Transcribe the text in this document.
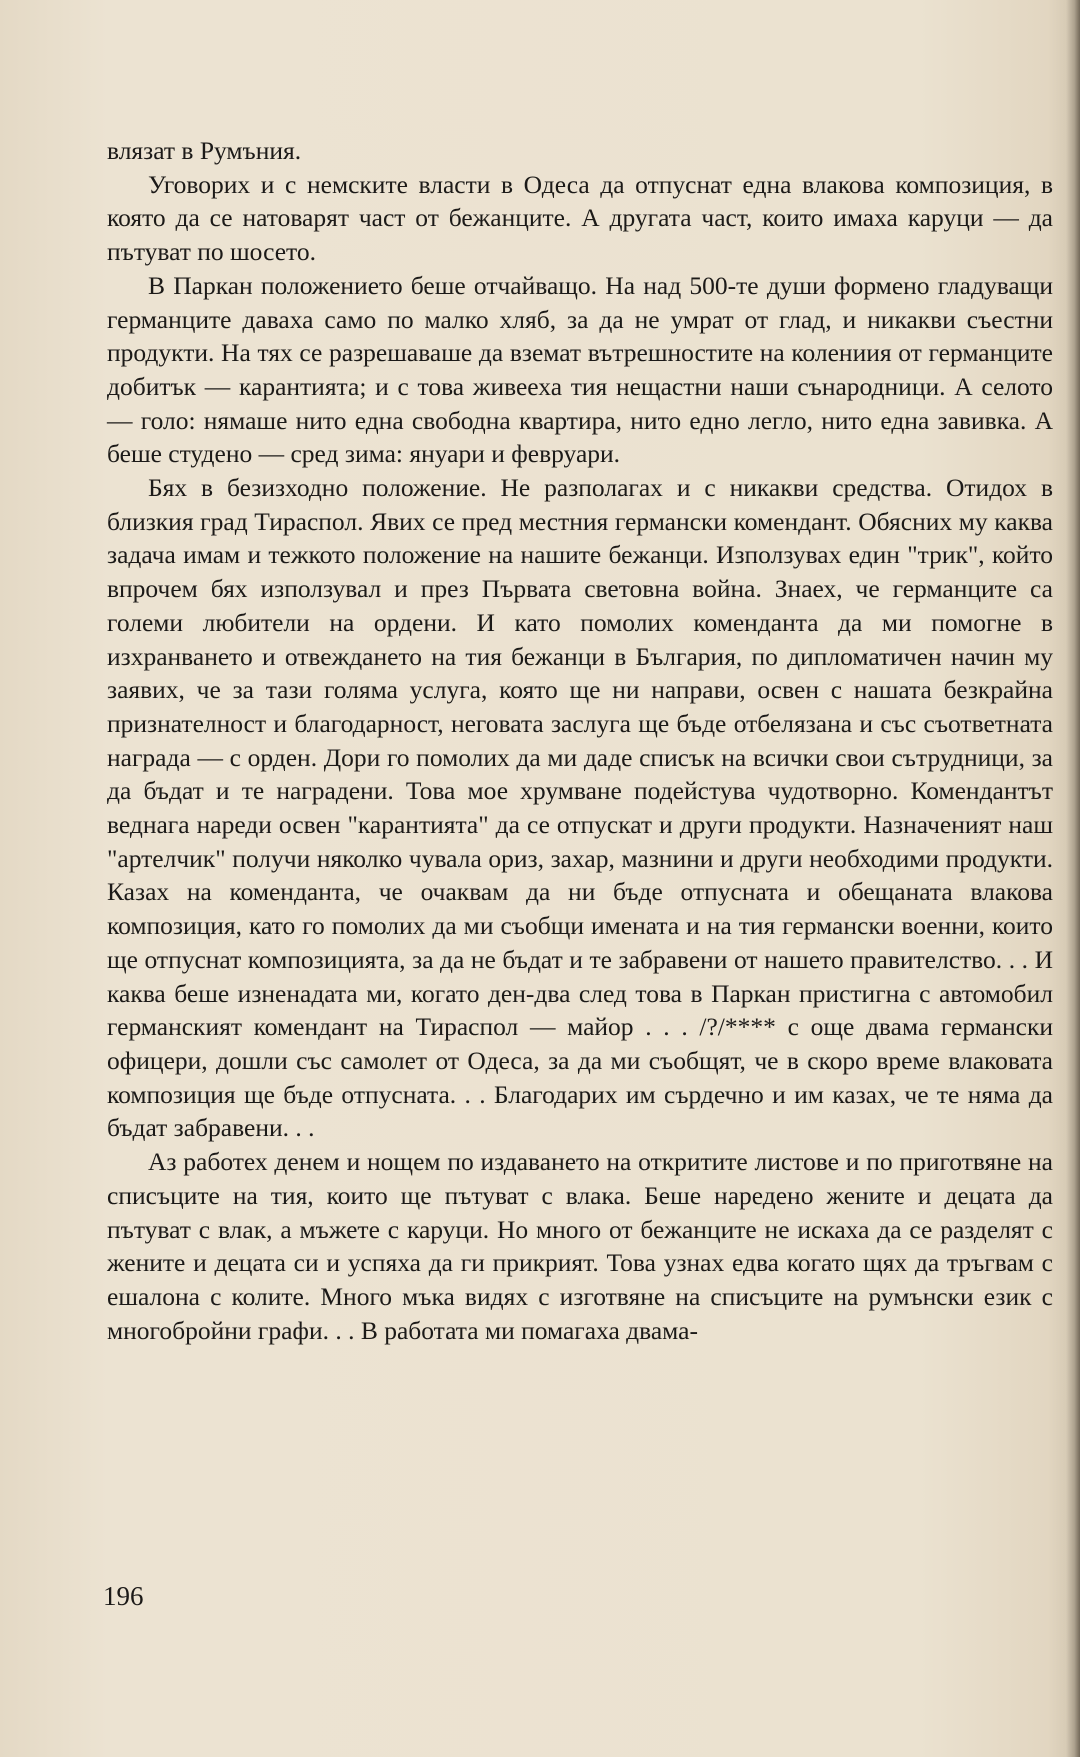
влязат в Румъния.

Уговорих и с немските власти в Одеса да отпуснат една влакова композиция, в която да се натоварят част от бежанците. А другата част, които имаха каруци — да пътуват по шосето.

В Паркан положението беше отчайващо. На над 500-те души формено гладуващи германците даваха само по малко хляб, за да не умрат от глад, и никакви съестни продукти. На тях се разрешаваше да вземат вътрешностите на колениия от германците добитък — карантията; и с това живееха тия нещастни наши сънародници. А селото — голо: нямаше нито една свободна квартира, нито едно легло, нито една завивка. А беше студено — сред зима: януари и февруари.

Бях в безизходно положение. Не разполагах и с никакви средства. Отидох в близкия град Тираспол. Явих се пред местния германски комендант. Обясних му каква задача имам и тежкото положение на нашите бежанци. Използувах един "трик", който впрочем бях използувал и през Първата световна война. Знаех, че германците са големи любители на ордени. И като помолих коменданта да ми помогне в изхранването и отвеждането на тия бежанци в България, по дипломатичен начин му заявих, че за тази голяма услуга, която ще ни направи, освен с нашата безкрайна признателност и благодарност, неговата заслуга ще бъде отбелязана и със съответната награда — с орден. Дори го помолих да ми даде списък на всички свои сътрудници, за да бъдат и те наградени. Това мое хрумване подейстува чудотворно. Комендантът веднага нареди освен "карантията" да се отпускат и други продукти. Назначеният наш "артелчик" получи няколко чувала ориз, захар, мазнини и други необходими продукти. Казах на коменданта, че очаквам да ни бъде отпусната и обещаната влакова композиция, като го помолих да ми съобщи имената и на тия германски военни, които ще отпуснат композицията, за да не бъдат и те забравени от нашето правителство. . . И каква беше изненадата ми, когато ден-два след това в Паркан пристигна с автомобил германският комендант на Тираспол — майор . . . /?/**** с още двама германски офицери, дошли със самолет от Одеса, за да ми съобщят, че в скоро време влаковата композиция ще бъде отпусната. . . Благодарих им сърдечно и им казах, че те няма да бъдат забравени. . .

Аз работех денем и нощем по издаването на откритите листове и по приготвяне на списъците на тия, които ще пътуват с влака. Беше наредено жените и децата да пътуват с влак, а мъжете с каруци. Но много от бежанците не искаха да се разделят с жените и децата си и успяха да ги прикрият. Това узнах едва когато щях да тръгвам с ешалона с колите. Много мъка видях с изготвяне на списъците на румънски език с многобройни графи. . . В работата ми помагаха двама-

196
